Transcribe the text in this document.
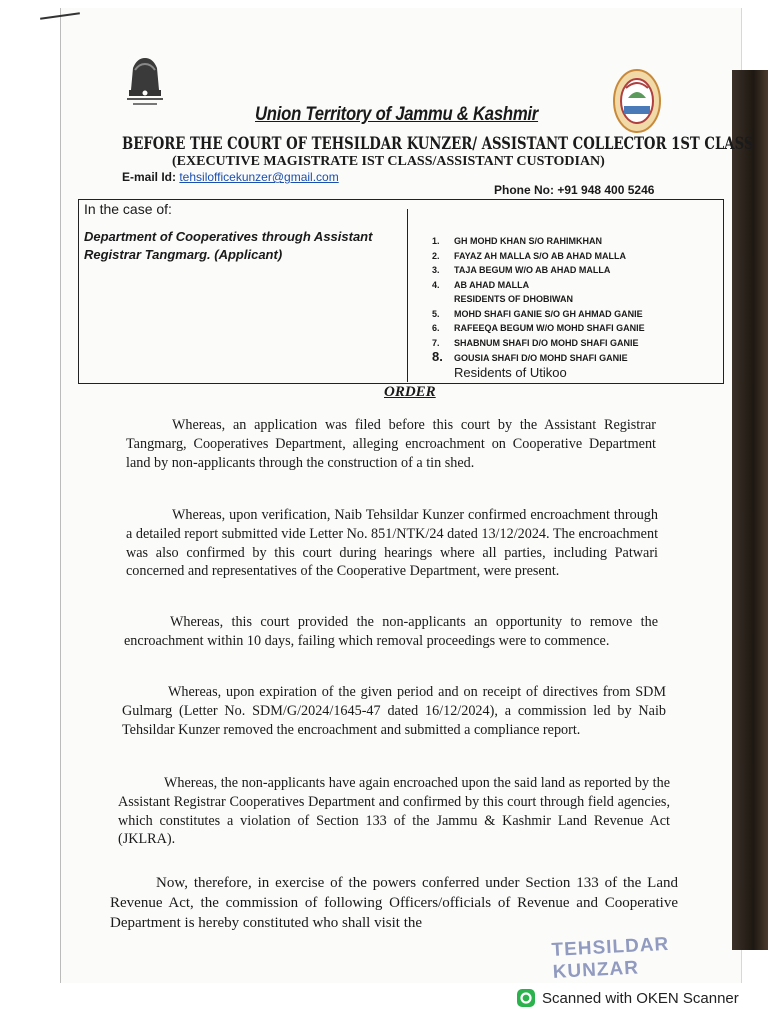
Union Territory of Jammu & Kashmir
BEFORE THE COURT OF TEHSILDAR KUNZER/ ASSISTANT COLLECTOR 1ST CLASS
(EXECUTIVE MAGISTRATE IST CLASS/ASSISTANT CUSTODIAN)
E-mail Id: tehsilofficekunzer@gmail.com
Phone No: +91 948 400 5246
In the case of:
Department of Cooperatives through Assistant Registrar Tangmarg. (Applicant)
1. GH MOHD KHAN S/O RAHIMKHAN
2. FAYAZ AH MALLA S/O AB AHAD MALLA
3. TAJA BEGUM W/O AB AHAD MALLA
4. AB AHAD MALLA
RESIDENTS OF DHOBIWAN
5. MOHD SHAFI GANIE S/O GH AHMAD GANIE
6. RAFEEQA BEGUM W/O MOHD SHAFI GANIE
7. SHABNUM SHAFI D/O MOHD SHAFI GANIE
8. GOUSIA SHAFI D/O MOHD SHAFI GANIE
Residents of Utikoo
ORDER
Whereas, an application was filed before this court by the Assistant Registrar Tangmarg, Cooperatives Department, alleging encroachment on Cooperative Department land by non-applicants through the construction of a tin shed.
Whereas, upon verification, Naib Tehsildar Kunzer confirmed encroachment through a detailed report submitted vide Letter No. 851/NTK/24 dated 13/12/2024. The encroachment was also confirmed by this court during hearings where all parties, including Patwari concerned and representatives of the Cooperative Department, were present.
Whereas, this court provided the non-applicants an opportunity to remove the encroachment within 10 days, failing which removal proceedings were to commence.
Whereas, upon expiration of the given period and on receipt of directives from SDM Gulmarg (Letter No. SDM/G/2024/1645-47 dated 16/12/2024), a commission led by Naib Tehsildar Kunzer removed the encroachment and submitted a compliance report.
Whereas, the non-applicants have again encroached upon the said land as reported by the Assistant Registrar Cooperatives Department and confirmed by this court through field agencies, which constitutes a violation of Section 133 of the Jammu & Kashmir Land Revenue Act (JKLRA).
Now, therefore, in exercise of the powers conferred under Section 133 of the Land Revenue Act, the commission of following Officers/officials of Revenue and Cooperative Department is hereby constituted who shall visit the
TEHSILDAR KUNZAR
Scanned with OKEN Scanner
